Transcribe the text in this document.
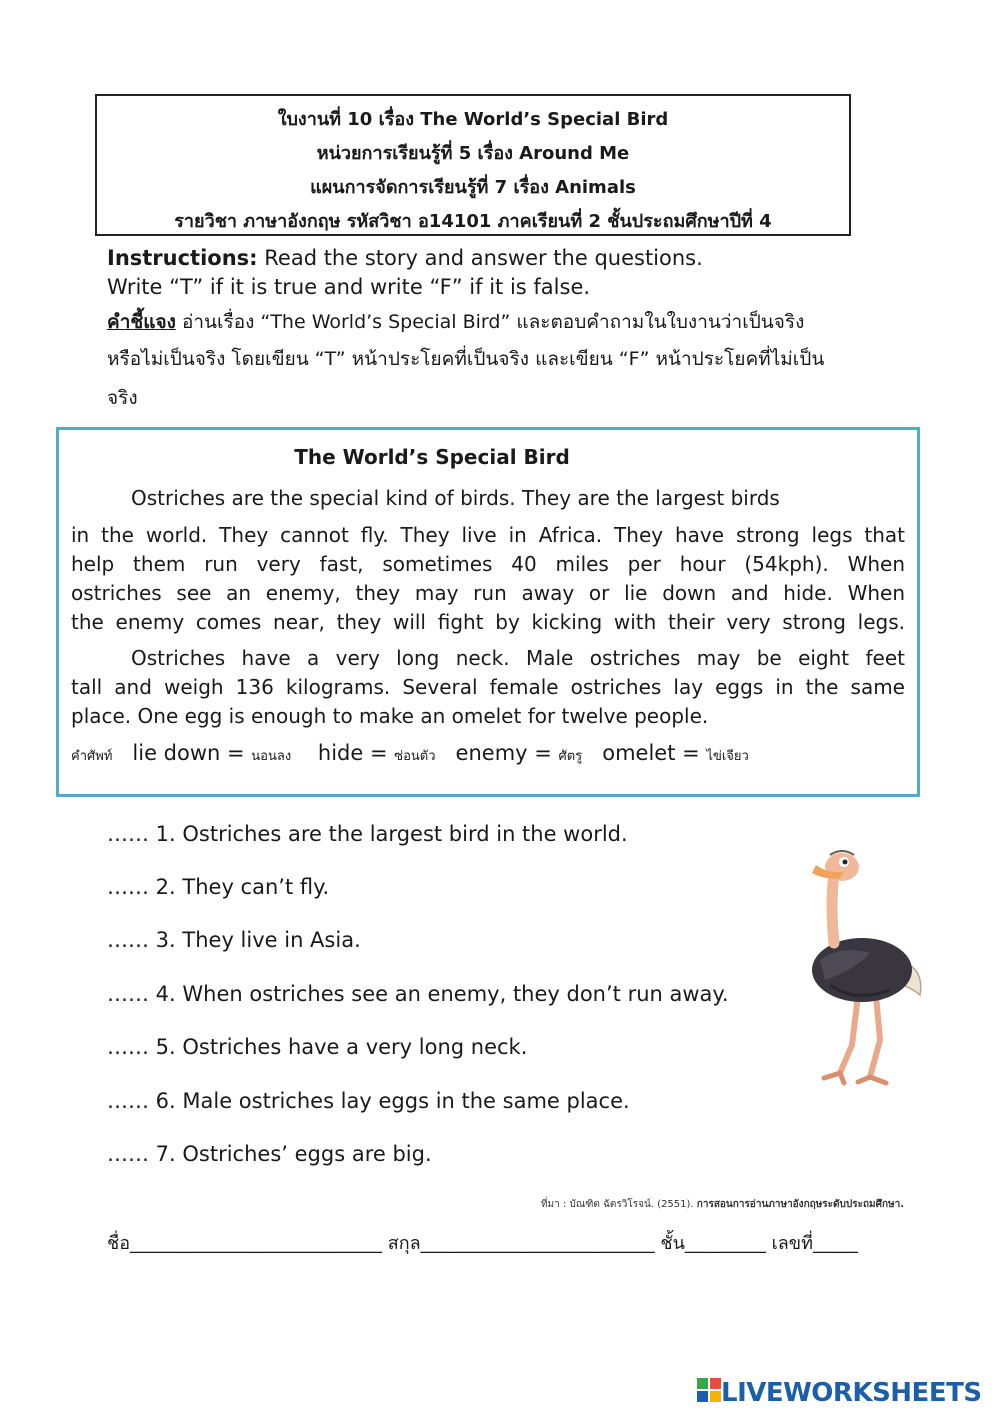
ใบงานที่ 10 เรื่อง The World’s Special Bird
หน่วยการเรียนรู้ที่ 5 เรื่อง Around Me
แผนการจัดการเรียนรู้ที่ 7 เรื่อง Animals
รายวิชา ภาษาอังกฤษ รหัสวิชา อ14101 ภาคเรียนที่ 2 ชั้นประถมศึกษาปีที่ 4
Instructions: Read the story and answer the questions.
Write “T” if it is true and write “F” if it is false.
คำชี้แจง อ่านเรื่อง “The World’s Special Bird” และตอบคำถามในใบงานว่าเป็นจริง
หรือไม่เป็นจริง โดยเขียน “T” หน้าประโยคที่เป็นจริง และเขียน “F” หน้าประโยคที่ไม่เป็น
จริง
The World’s Special Bird
Ostriches are the special kind of birds. They are the largest birds
in the world. They cannot fly. They live in Africa. They have strong legs that
help them run very fast, sometimes 40 miles per hour (54kph). When
ostriches see an enemy, they may run away or lie down and hide. When
the enemy comes near, they will fight by kicking with their very strong legs.
Ostriches have a very long neck. Male ostriches may be eight feet
tall and weigh 136 kilograms. Several female ostriches lay eggs in the same
place. One egg is enough to make an omelet for twelve people.
คำศัพท์ lie down = นอนลง hide = ซ่อนตัว enemy = ศัตรู omelet = ไข่เจียว
…… 1. Ostriches are the largest bird in the world.
…… 2. They can’t fly.
…… 3. They live in Asia.
…… 4. When ostriches see an enemy, they don’t run away.
…… 5. Ostriches have a very long neck.
…… 6. Male ostriches lay eggs in the same place.
…… 7. Ostriches’ eggs are big.
ที่มา : บัณฑิต ฉัตรวิโรจน์. (2551). การสอนการอ่านภาษาอังกฤษระดับประถมศึกษา.
ชื่อ____________________________ สกุล__________________________ ชั้น_________ เลขที่_____
LIVEWORKSHEETS
